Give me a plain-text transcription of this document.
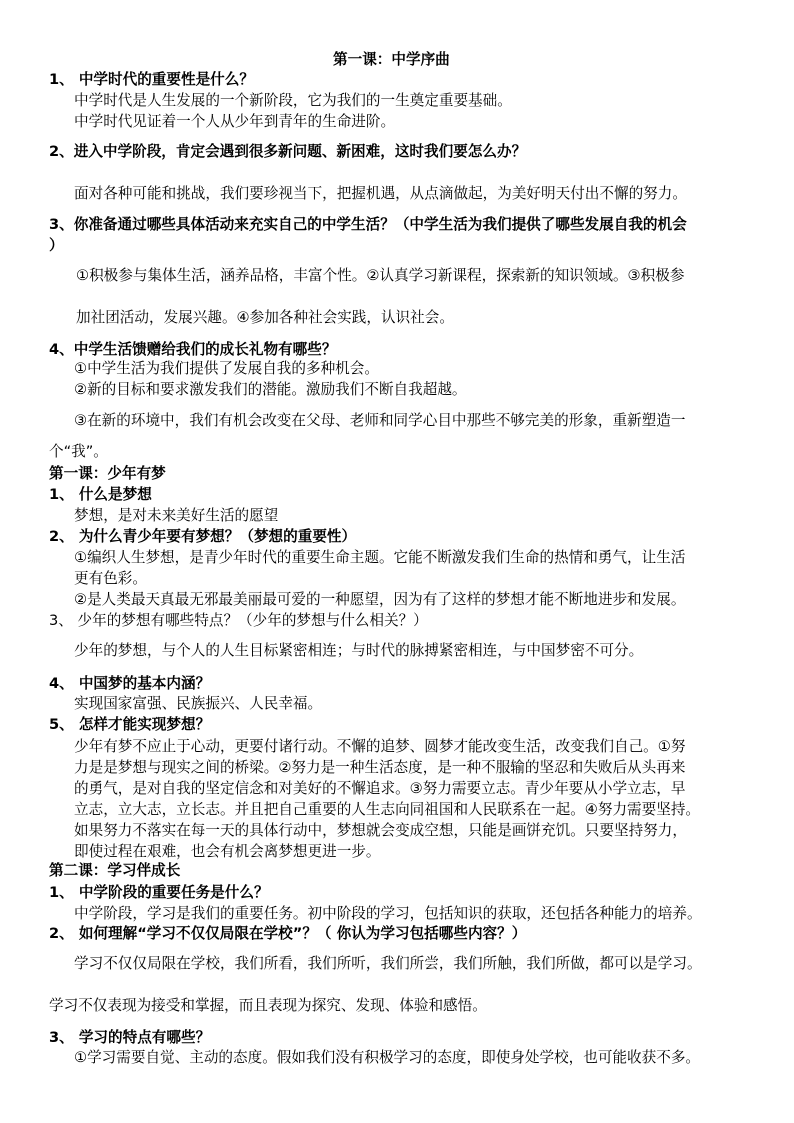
第一课：中学序曲
1、 中学时代的重要性是什么？
中学时代是人生发展的一个新阶段，它为我们的一生奠定重要基础。
中学时代见证着一个人从少年到青年的生命进阶。
2、进入中学阶段，肯定会遇到很多新问题、新困难，这时我们要怎么办？
面对各种可能和挑战，我们要珍视当下，把握机遇，从点滴做起，为美好明天付出不懈的努力。
3、你准备通过哪些具体活动来充实自己的中学生活？（中学生活为我们提供了哪些发展自我的机会
）
①积极参与集体生活，涵养品格，丰富个性。②认真学习新课程，探索新的知识领域。③积极参
加社团活动，发展兴趣。④参加各种社会实践，认识社会。
4、中学生活馈赠给我们的成长礼物有哪些？
①中学生活为我们提供了发展自我的多种机会。
②新的目标和要求激发我们的潜能。激励我们不断自我超越。
③在新的环境中，我们有机会改变在父母、老师和同学心目中那些不够完美的形象，重新塑造一
个“我”。
第一课：少年有梦
1、 什么是梦想
梦想，是对未来美好生活的愿望
2、 为什么青少年要有梦想？（梦想的重要性）
①编织人生梦想，是青少年时代的重要生命主题。它能不断激发我们生命的热情和勇气，让生活
更有色彩。
②是人类最天真最无邪最美丽最可爱的一种愿望，因为有了这样的梦想才能不断地进步和发展。
3、 少年的梦想有哪些特点？（少年的梦想与什么相关？）
少年的梦想，与个人的人生目标紧密相连；与时代的脉搏紧密相连，与中国梦密不可分。
4、 中国梦的基本内涵？
实现国家富强、民族振兴、人民幸福。
5、 怎样才能实现梦想？
少年有梦不应止于心动，更要付诸行动。不懈的追梦、圆梦才能改变生活，改变我们自己。①努
力是是梦想与现实之间的桥梁。②努力是一种生活态度，是一种不服输的坚忍和失败后从头再来
的勇气，是对自我的坚定信念和对美好的不懈追求。③努力需要立志。青少年要从小学立志，早
立志，立大志，立长志。并且把自己重要的人生志向同祖国和人民联系在一起。④努力需要坚持。
如果努力不落实在每一天的具体行动中，梦想就会变成空想，只能是画饼充饥。只要坚持努力，
即使过程在艰难，也会有机会离梦想更进一步。
第二课：学习伴成长
1、 中学阶段的重要任务是什么？
中学阶段，学习是我们的重要任务。初中阶段的学习，包括知识的获取，还包括各种能力的培养。
2、 如何理解“学习不仅仅局限在学校”？（ 你认为学习包括哪些内容？）
学习不仅仅局限在学校，我们所看，我们所听，我们所尝，我们所触，我们所做，都可以是学习。
学习不仅表现为接受和掌握，而且表现为探究、发现、体验和感悟。
3、 学习的特点有哪些？
①学习需要自觉、主动的态度。假如我们没有积极学习的态度，即使身处学校，也可能收获不多。
